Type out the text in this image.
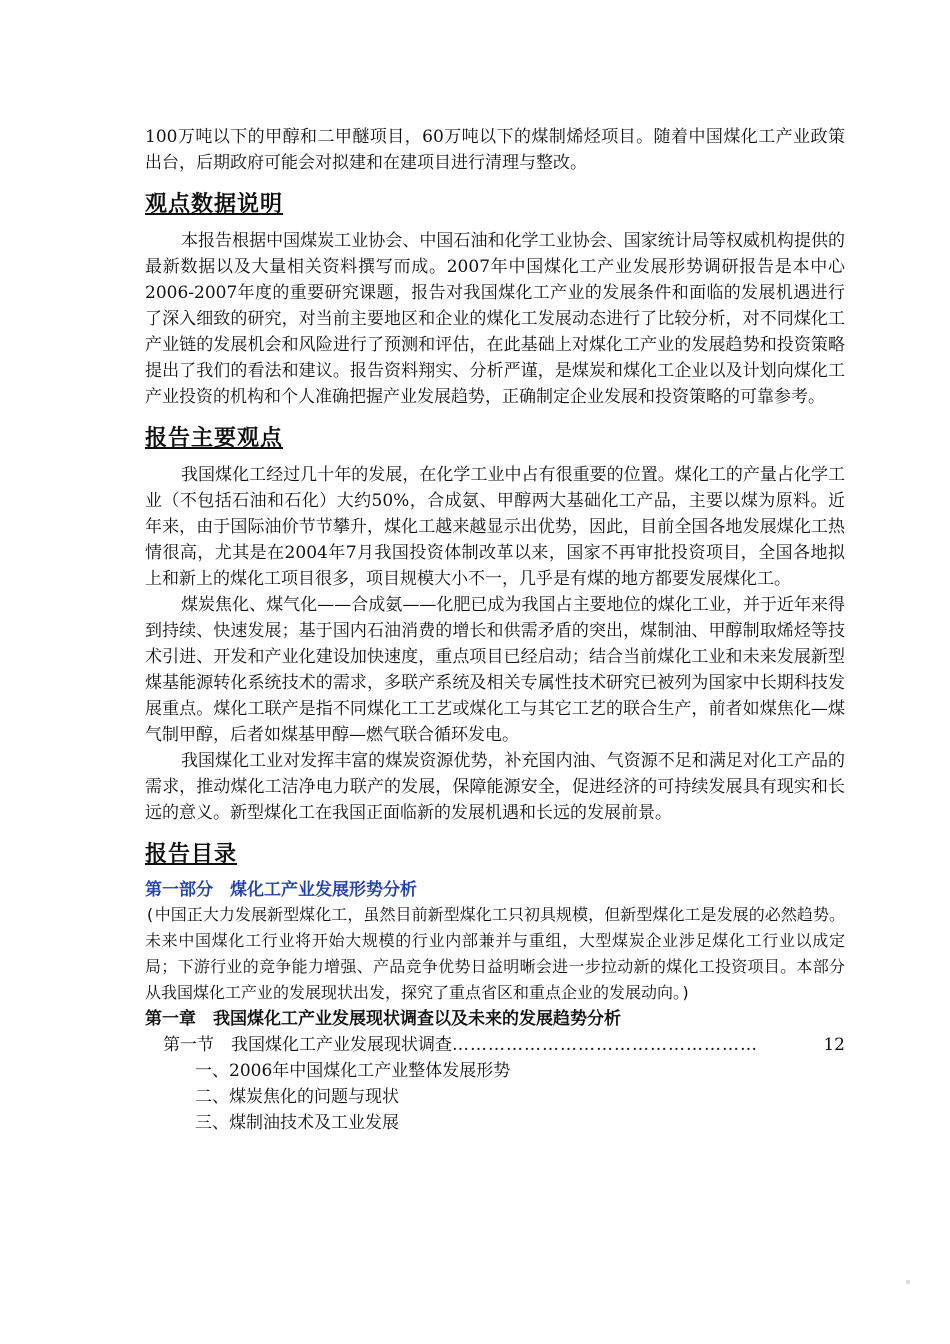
100万吨以下的甲醇和二甲醚项目，60万吨以下的煤制烯烃项目。随着中国煤化工产业政策出台，后期政府可能会对拟建和在建项目进行清理与整改。

观点数据说明

本报告根据中国煤炭工业协会、中国石油和化学工业协会、国家统计局等权威机构提供的最新数据以及大量相关资料撰写而成。2007年中国煤化工产业发展形势调研报告是本中心2006-2007年度的重要研究课题，报告对我国煤化工产业的发展条件和面临的发展机遇进行了深入细致的研究，对当前主要地区和企业的煤化工发展动态进行了比较分析，对不同煤化工产业链的发展机会和风险进行了预测和评估，在此基础上对煤化工产业的发展趋势和投资策略提出了我们的看法和建议。报告资料翔实、分析严谨，是煤炭和煤化工企业以及计划向煤化工产业投资的机构和个人准确把握产业发展趋势，正确制定企业发展和投资策略的可靠参考。

报告主要观点

我国煤化工经过几十年的发展，在化学工业中占有很重要的位置。煤化工的产量占化学工业（不包括石油和石化）大约50%，合成氨、甲醇两大基础化工产品，主要以煤为原料。近年来，由于国际油价节节攀升，煤化工越来越显示出优势，因此，目前全国各地发展煤化工热情很高，尤其是在2004年7月我国投资体制改革以来，国家不再审批投资项目，全国各地拟上和新上的煤化工项目很多，项目规模大小不一，几乎是有煤的地方都要发展煤化工。

煤炭焦化、煤气化——合成氨——化肥已成为我国占主要地位的煤化工业，并于近年来得到持续、快速发展；基于国内石油消费的增长和供需矛盾的突出，煤制油、甲醇制取烯烃等技术引进、开发和产业化建设加快速度，重点项目已经启动；结合当前煤化工业和未来发展新型煤基能源转化系统技术的需求，多联产系统及相关专属性技术研究已被列为国家中长期科技发展重点。煤化工联产是指不同煤化工工艺或煤化工与其它工艺的联合生产，前者如煤焦化—煤气制甲醇，后者如煤基甲醇—燃气联合循环发电。

我国煤化工业对发挥丰富的煤炭资源优势，补充国内油、气资源不足和满足对化工产品的需求，推动煤化工洁净电力联产的发展，保障能源安全，促进经济的可持续发展具有现实和长远的意义。新型煤化工在我国正面临新的发展机遇和长远的发展前景。

报告目录
第一部分　煤化工产业发展形势分析

(中国正大力发展新型煤化工，虽然目前新型煤化工只初具规模，但新型煤化工是发展的必然趋势。未来中国煤化工行业将开始大规模的行业内部兼并与重组，大型煤炭企业涉足煤化工行业以成定局；下游行业的竞争能力增强、产品竞争优势日益明晰会进一步拉动新的煤化工投资项目。本部分从我国煤化工产业的发展现状出发，探究了重点省区和重点企业的发展动向。)

第一章　我国煤化工产业发展现状调查以及未来的发展趋势分析
第一节　我国煤化工产业发展现状调查 ……………………………………………	12
一、2006年中国煤化工产业整体发展形势
二、煤炭焦化的问题与现状
三、煤制油技术及工业发展
